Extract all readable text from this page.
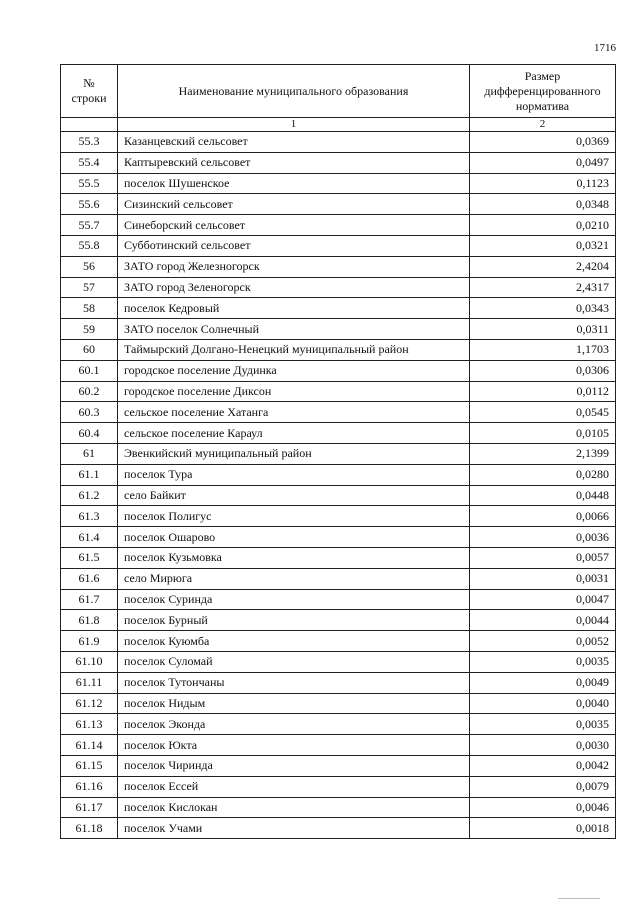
1716
№ строки	Наименование муниципального образования	Размер дифференцированного норматива
	1	2
55.3	Казанцевский сельсовет	0,0369
55.4	Каптыревский сельсовет	0,0497
55.5	поселок Шушенское	0,1123
55.6	Сизинский сельсовет	0,0348
55.7	Синеборский сельсовет	0,0210
55.8	Субботинский сельсовет	0,0321
56	ЗАТО город Железногорск	2,4204
57	ЗАТО город Зеленогорск	2,4317
58	поселок Кедровый	0,0343
59	ЗАТО поселок Солнечный	0,0311
60	Таймырский Долгано-Ненецкий муниципальный район	1,1703
60.1	городское поселение Дудинка	0,0306
60.2	городское поселение Диксон	0,0112
60.3	сельское поселение Хатанга	0,0545
60.4	сельское поселение Караул	0,0105
61	Эвенкийский муниципальный район	2,1399
61.1	поселок Тура	0,0280
61.2	село Байкит	0,0448
61.3	поселок Полигус	0,0066
61.4	поселок Ошарово	0,0036
61.5	поселок Кузьмовка	0,0057
61.6	село Мирюга	0,0031
61.7	поселок Суринда	0,0047
61.8	поселок Бурный	0,0044
61.9	поселок Куюмба	0,0052
61.10	поселок Суломай	0,0035
61.11	поселок Тутончаны	0,0049
61.12	поселок Нидым	0,0040
61.13	поселок Эконда	0,0035
61.14	поселок Юкта	0,0030
61.15	поселок Чиринда	0,0042
61.16	поселок Ессей	0,0079
61.17	поселок Кислокан	0,0046
61.18	поселок Учами	0,0018
